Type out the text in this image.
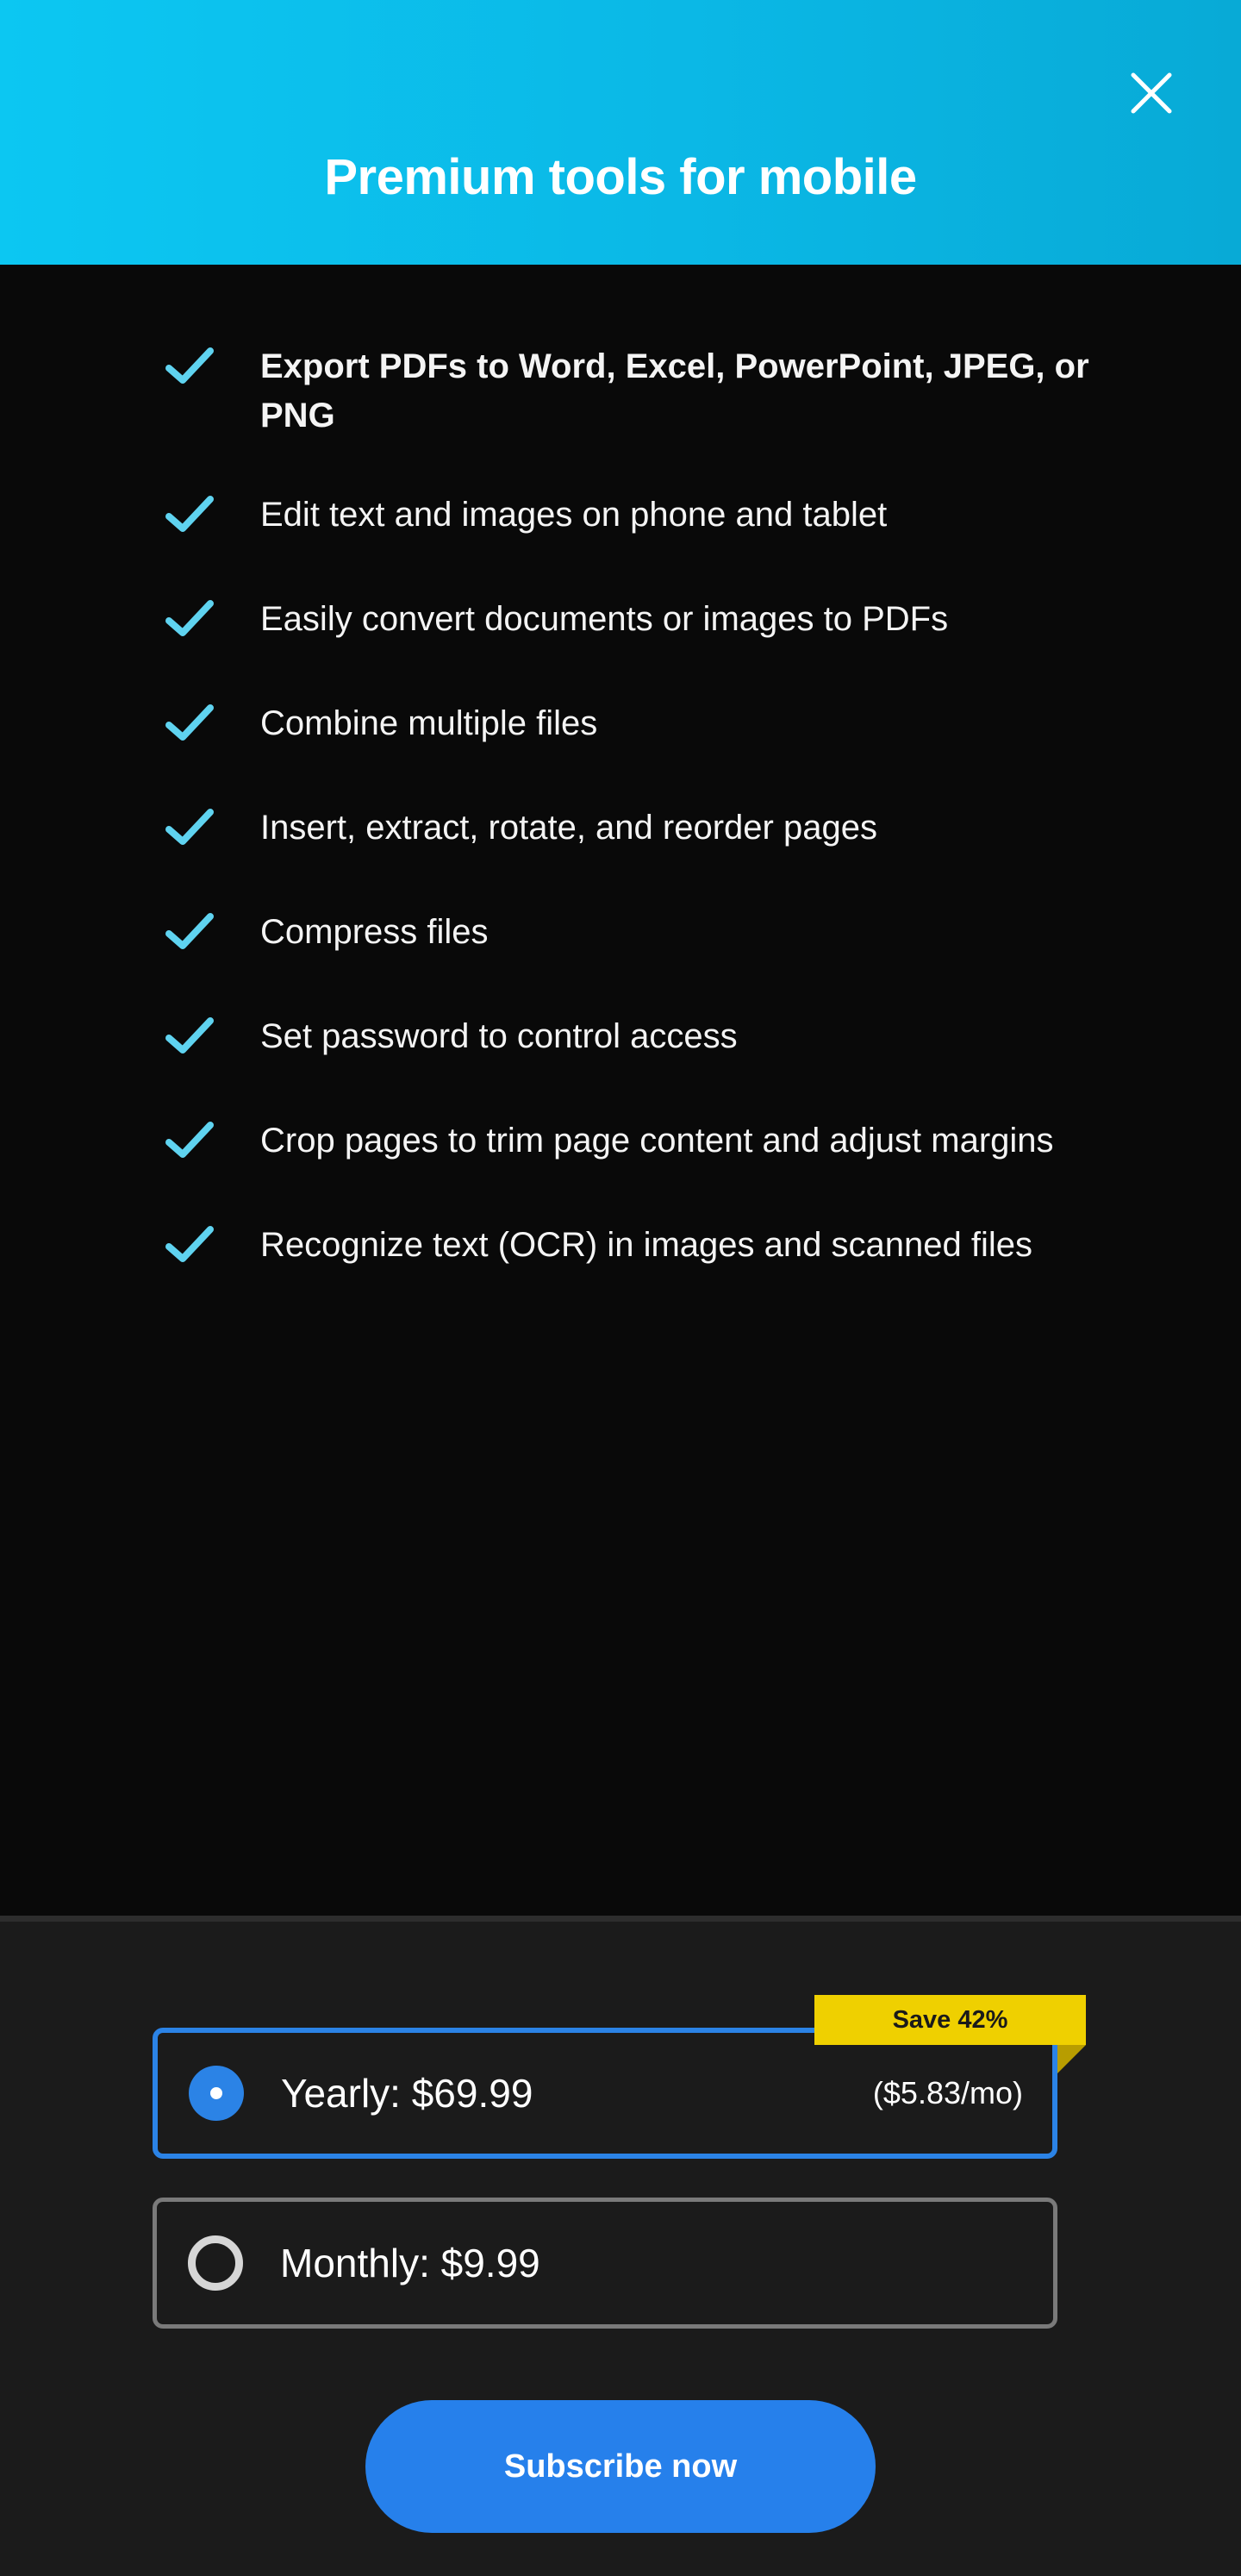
Premium tools for mobile
Export PDFs to Word, Excel, PowerPoint, JPEG, or PNG
Edit text and images on phone and tablet
Easily convert documents or images to PDFs
Combine multiple files
Insert, extract, rotate, and reorder pages
Compress files
Set password to control access
Crop pages to trim page content and adjust margins
Recognize text (OCR) in images and scanned files
Yearly: $69.99	($5.83/mo)
Save 42%
Monthly: $9.99
Subscribe now
